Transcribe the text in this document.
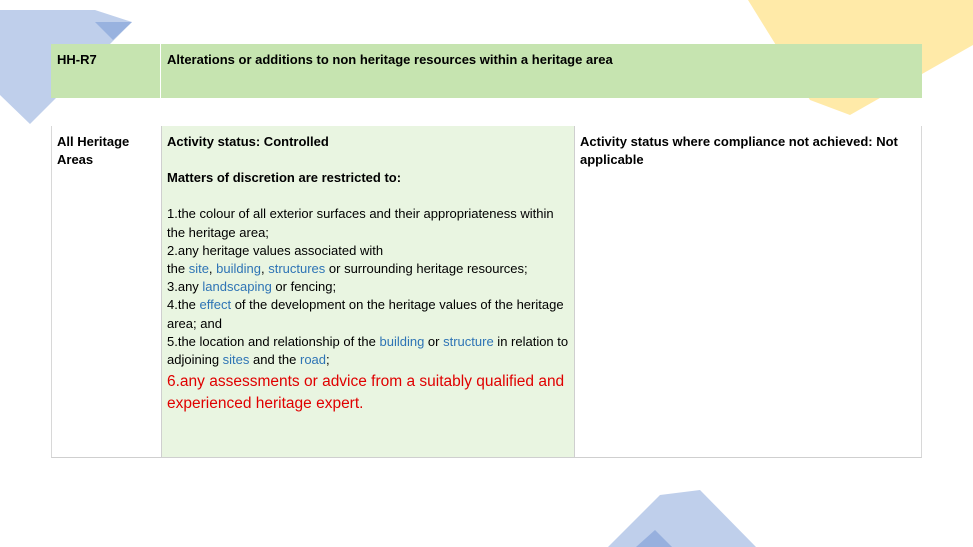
HH-R7	Alterations or additions to non heritage resources within a heritage area
All Heritage Areas
Activity status: Controlled
Matters of discretion are restricted to:
1.the colour of all exterior surfaces and their appropriateness within the heritage area;
2.any heritage values associated with
the site, building, structures or surrounding heritage resources;
3.any landscaping or fencing;
4.the effect of the development on the heritage values of the heritage area; and
5.the location and relationship of the building or structure in relation to adjoining sites and the road;
6.any assessments or advice from a suitably qualified and experienced heritage expert.
Activity status where compliance not achieved: Not applicable
